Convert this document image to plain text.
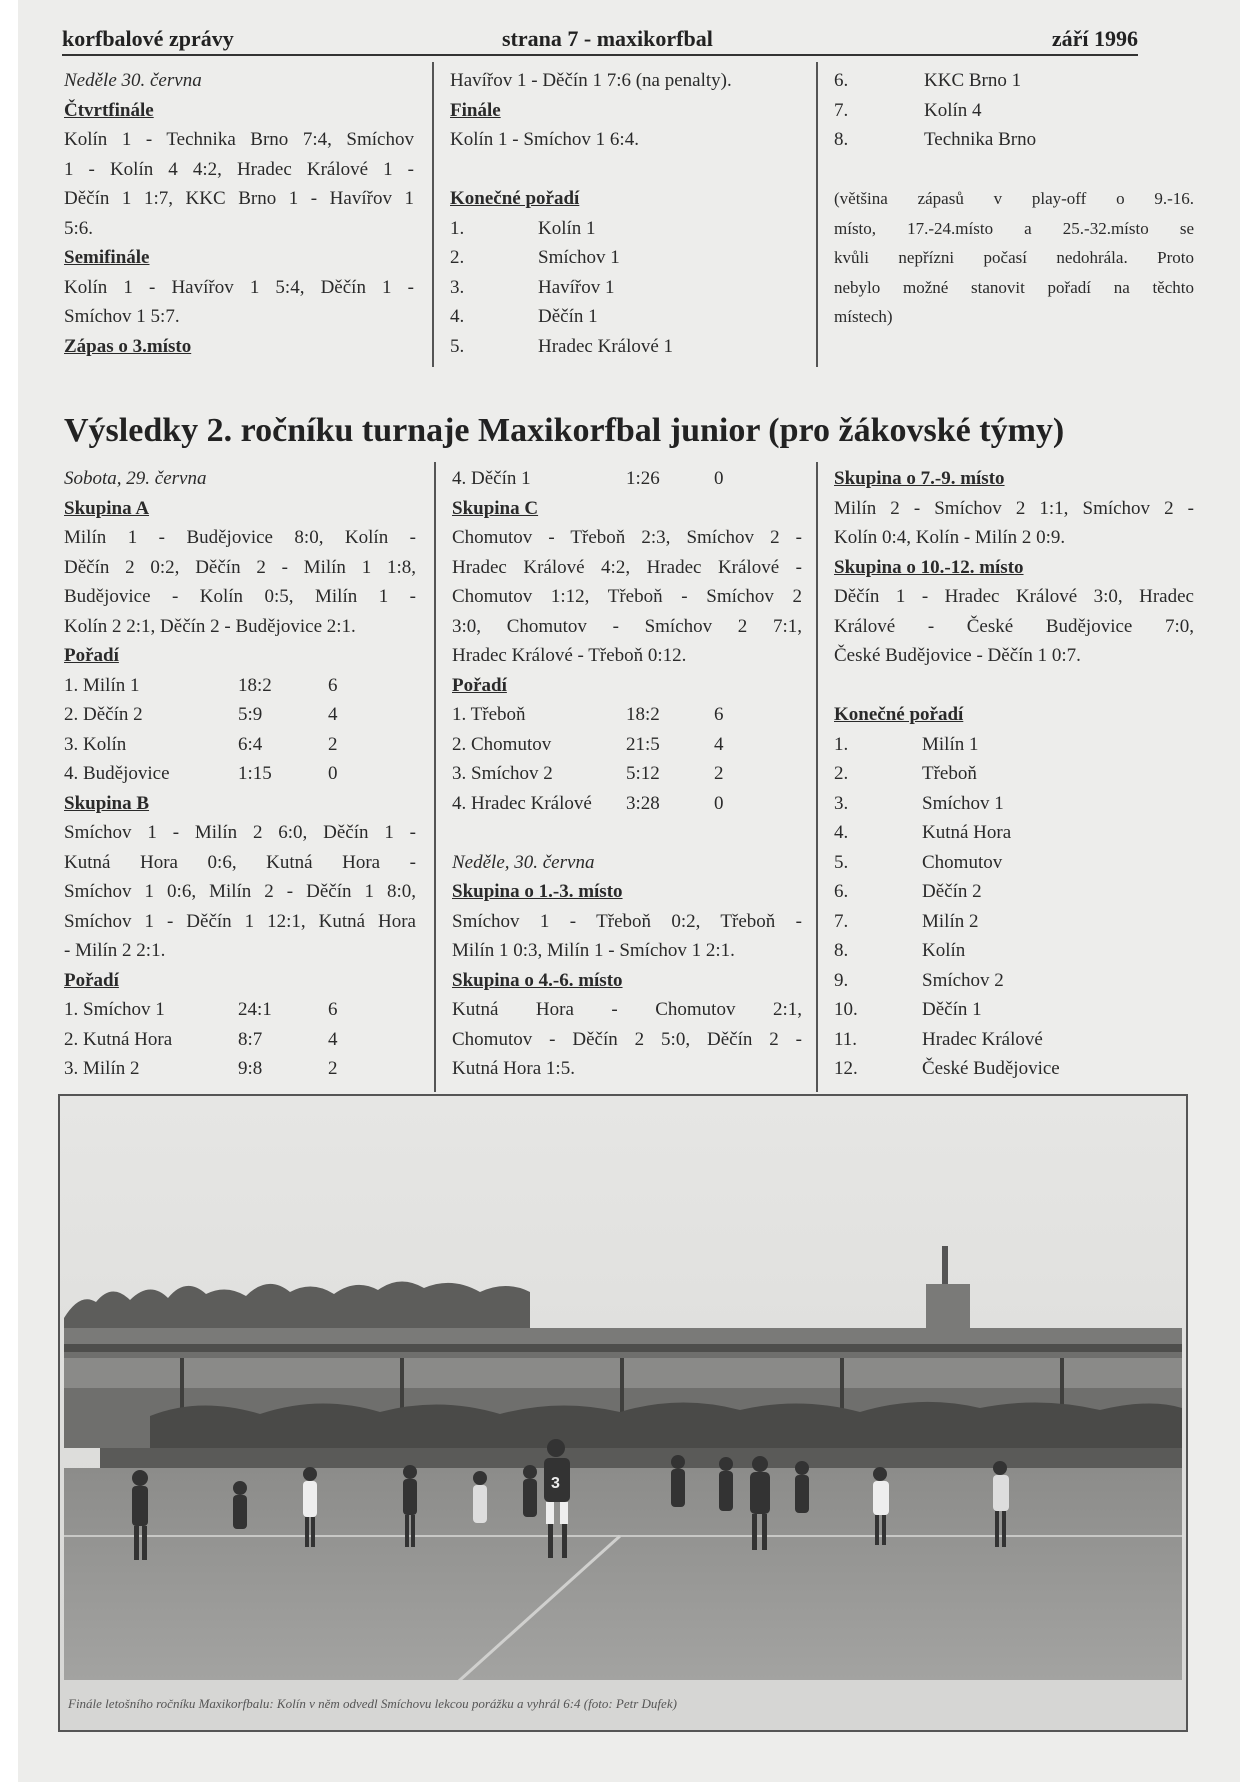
korfbalové zprávy	strana 7 - maxikorfbal	září 1996
Neděle 30. června
Čtvrtfinále
Kolín 1 - Technika Brno 7:4, Smíchov
1 - Kolín 4 4:2, Hradec Králové 1 -
Děčín 1 1:7, KKC Brno 1 - Havířov 1
5:6.
Semifinále
Kolín 1 - Havířov 1 5:4, Děčín 1 -
Smíchov 1 5:7.
Zápas o 3.místo
Havířov 1 - Děčín 1 7:6 (na penalty).
Finále
Kolín 1 - Smíchov 1 6:4.
Konečné pořadí
1.	Kolín 1
2.	Smíchov 1
3.	Havířov 1
4.	Děčín 1
5.	Hradec Králové 1
6.	KKC Brno 1
7.	Kolín 4
8.	Technika Brno
(většina zápasů v play-off o 9.-16.
místo, 17.-24.místo a 25.-32.místo se
kvůli nepřízni počasí nedohrála. Proto
nebylo možné stanovit pořadí na těchto
místech)
Výsledky 2. ročníku turnaje Maxikorfbal junior (pro žákovské týmy)
Sobota, 29. června
Skupina A
Milín 1 - Budějovice 8:0, Kolín -
Děčín 2 0:2, Děčín 2 - Milín 1 1:8,
Budějovice - Kolín 0:5, Milín 1 -
Kolín 2 2:1, Děčín 2 - Budějovice 2:1.
Pořadí
1. Milín 1	18:2	6
2. Děčín 2	5:9	4
3. Kolín	6:4	2
4. Budějovice	1:15	0
Skupina B
Smíchov 1 - Milín 2 6:0, Děčín 1 -
Kutná Hora 0:6, Kutná Hora -
Smíchov 1 0:6, Milín 2 - Děčín 1 8:0,
Smíchov 1 - Děčín 1 12:1, Kutná Hora
- Milín 2 2:1.
Pořadí
1. Smíchov 1	24:1	6
2. Kutná Hora	8:7	4
3. Milín 2	9:8	2
4. Děčín 1	1:26	0
Skupina C
Chomutov - Třeboň 2:3, Smíchov 2 -
Hradec Králové 4:2, Hradec Králové -
Chomutov 1:12, Třeboň - Smíchov 2
3:0, Chomutov - Smíchov 2 7:1,
Hradec Králové - Třeboň 0:12.
Pořadí
1. Třeboň	18:2	6
2. Chomutov	21:5	4
3. Smíchov 2	5:12	2
4. Hradec Králové 3:28	0
Neděle, 30. června
Skupina o 1.-3. místo
Smíchov 1 - Třeboň 0:2, Třeboň -
Milín 1 0:3, Milín 1 - Smíchov 1 2:1.
Skupina o 4.-6. místo
Kutná Hora - Chomutov 2:1,
Chomutov - Děčín 2 5:0, Děčín 2 -
Kutná Hora 1:5.
Skupina o 7.-9. místo
Milín 2 - Smíchov 2 1:1, Smíchov 2 -
Kolín 0:4, Kolín - Milín 2 0:9.
Skupina o 10.-12. místo
Děčín 1 - Hradec Králové 3:0, Hradec
Králové - České Budějovice 7:0,
České Budějovice - Děčín 1 0:7.
Konečné pořadí
1.	Milín 1
2.	Třeboň
3.	Smíchov 1
4.	Kutná Hora
5.	Chomutov
6.	Děčín 2
7.	Milín 2
8.	Kolín
9.	Smíchov 2
10.	Děčín 1
11.	Hradec Králové
12.	České Budějovice
3
Finále letošního ročníku Maxikorfbalu: Kolín v něm odvedl Smíchovu lekcou porážku a vyhrál 6:4 (foto: Petr Dufek)
